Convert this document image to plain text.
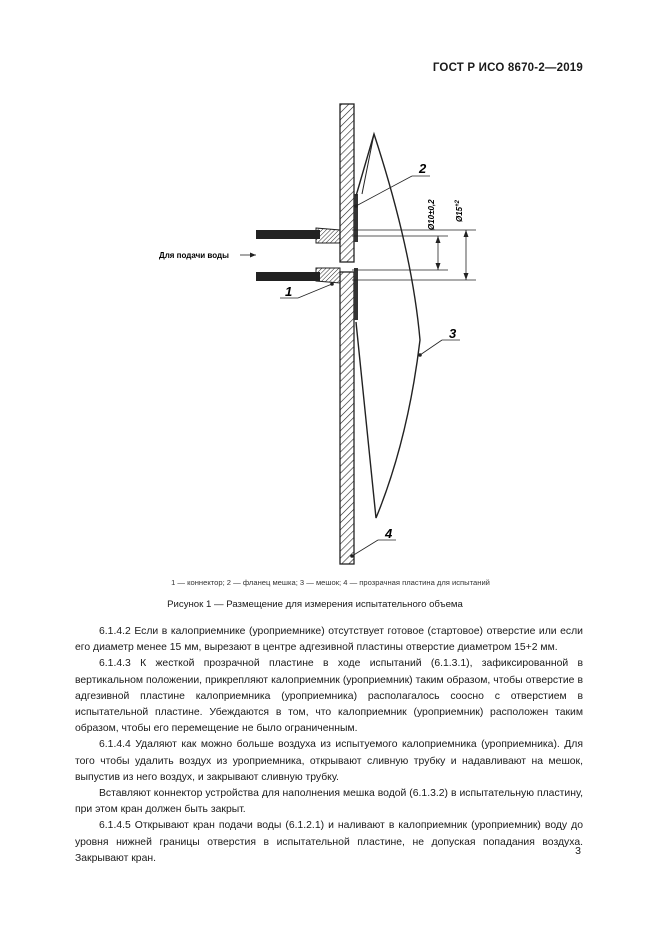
ГОСТ Р ИСО 8670-2—2019
2
1
3
4
Для подачи воды
Ø10±0,2 $Ø15^{+2}$
1 — коннектор; 2 — фланец мешка; 3 — мешок; 4 — прозрачная пластина для испытаний
Рисунок 1 — Размещение для измерения испытательного объема

6.1.4.2 Если в калоприемнике (уроприемнике) отсутствует готовое (стартовое) отверстие или если его диаметр менее 15 мм, вырезают в центре адгезивной пластины отверстие диаметром 15+2 мм.

6.1.4.3 К жесткой прозрачной пластине в ходе испытаний (6.1.3.1), зафиксированной в вертикальном положении, прикрепляют калоприемник (уроприемник) таким образом, чтобы отверстие в адгезивной пластине калоприемника (уроприемника) располагалось соосно с отверстием в испытательной пластине. Убеждаются в том, что калоприемник (уроприемник) расположен таким образом, чтобы его перемещение не было ограниченным.

6.1.4.4 Удаляют как можно больше воздуха из испытуемого калоприемника (уроприемника). Для того чтобы удалить воздух из уроприемника, открывают сливную трубку и надавливают на мешок, выпустив из него воздух, и закрывают сливную трубку.

Вставляют коннектор устройства для наполнения мешка водой (6.1.3.2) в испытательную пластину, при этом кран должен быть закрыт.

6.1.4.5 Открывают кран подачи воды (6.1.2.1) и наливают в калоприемник (уроприемник) воду до уровня нижней границы отверстия в испытательной пластине, не допуская попадания воздуха. Закрывают кран.

3
